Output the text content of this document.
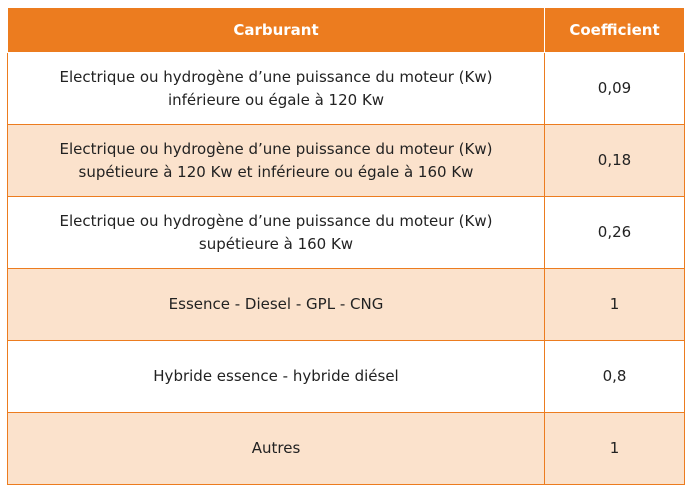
Carburant	Coefficient

Electrique ou hydrogène d’une puissance du moteur (Kw)
inférieure ou égale à 120 Kw	0,09

Electrique ou hydrogène d’une puissance du moteur (Kw)
supétieure à 120 Kw et inférieure ou égale à 160 Kw	0,18

Electrique ou hydrogène d’une puissance du moteur (Kw)
supétieure à 160 Kw	0,26
Essence - Diesel - GPL - CNG	1
Hybride essence - hybride diésel	0,8
Autres	1
